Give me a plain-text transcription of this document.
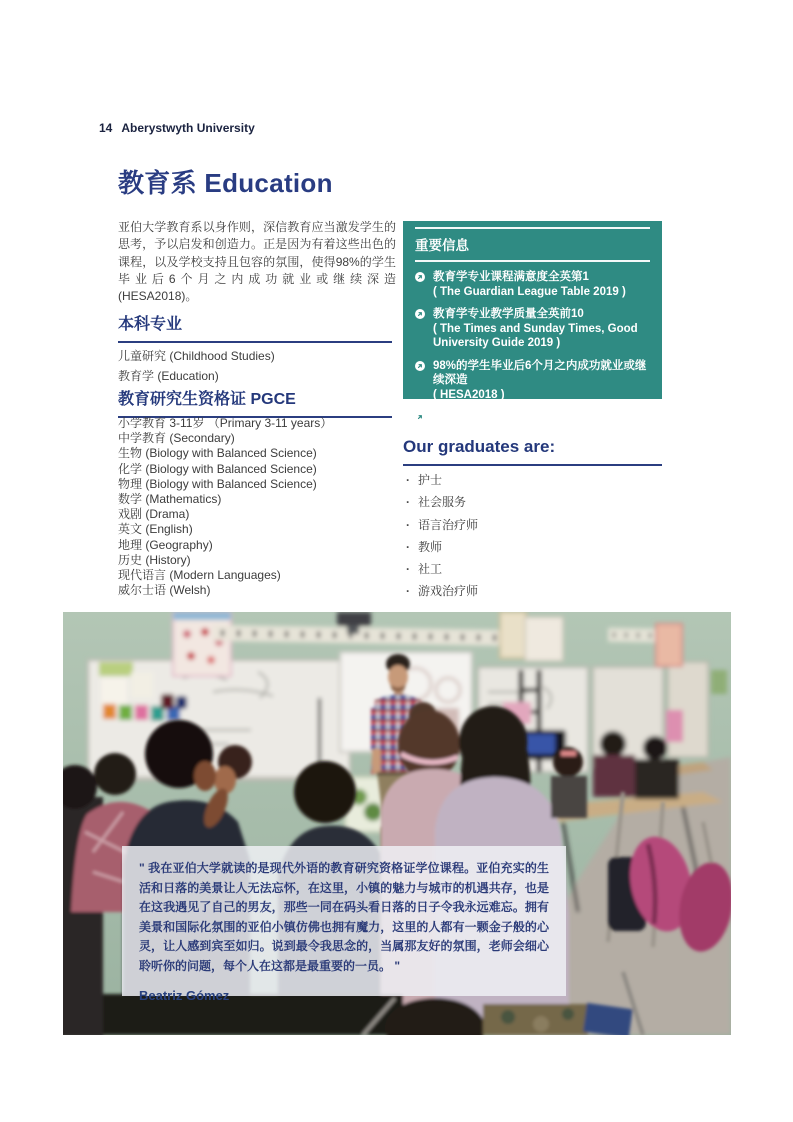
14 Aberystwyth University
教育系 Education
亚伯大学教育系以身作则，深信教育应当激发学生的思考，予以启发和创造力。正是因为有着这些出色的课程，以及学校支持且包容的氛围，使得98%的学生毕业后6个月之内成功就业或继续深造 (HESA2018)。
重要信息
教育学专业课程满意度全英第1
( The Guardian League Table 2019 )
教育学专业教学质量全英前10
( The Times and Sunday Times, Good University Guide 2019 )
98%的学生毕业后6个月之内成功就业或继续深造
( HESA2018 )
工作实习机会
本科专业
儿童研究 (Childhood Studies)
教育学 (Education)
教育研究生资格证 PGCE
小学教育 3-11岁 （Primary 3-11 years）
中学教育 (Secondary)
生物 (Biology with Balanced Science)
化学 (Biology with Balanced Science)
物理 (Biology with Balanced Science)
数学 (Mathematics)
戏剧 (Drama)
英文 (English)
地理 (Geography)
历史 (History)
现代语言 (Modern Languages)
威尔士语 (Welsh)
Our graduates are:
· 护士
· 社会服务
· 语言治疗师
· 教师
· 社工
· 游戏治疗师
" 我在亚伯大学就读的是现代外语的教育研究资格证学位课程。亚伯充实的生活和日落的美景让人无法忘怀，在这里，小镇的魅力与城市的机遇共存，也是在这我遇见了自己的男友，那些一同在码头看日落的日子令我永远难忘。拥有美景和国际化氛围的亚伯小镇仿佛也拥有魔力，这里的人都有一颗金子般的心灵，让人感到宾至如归。说到最令我思念的，当属那友好的氛围，老师会细心聆听你的问题，每个人在这都是最重要的一员。 "
Beatriz Gómez
